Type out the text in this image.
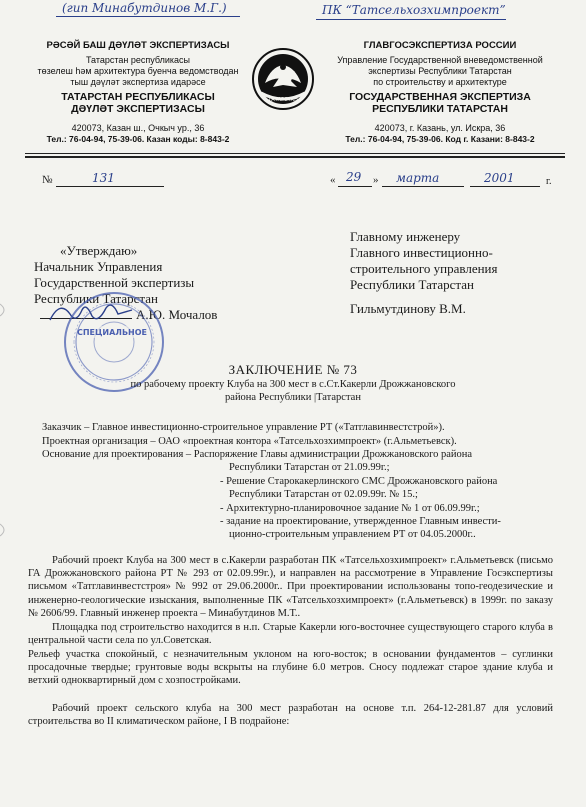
(гип Минабутдинов М.Г.)	ПК “Татсельхозхимпроект”
РӘСӘЙ БАШ ДӘҮЛӘТ ЭКСПЕРТИЗАСЫ
Татарстан республикасы
төзелеш һәм архитектура буенча ведомстводан
тыш дәүләт экспертиза идарәсе
ТАТАРСТАН РЕСПУБЛИКАСЫ
ДӘҮЛӘТ ЭКСПЕРТИЗАСЫ
420073, Казан ш., Очкыч ур., 36
Тел.: 76-04-94, 75-39-06. Казан коды: 8-843-2
ТАТАРСТАН
ГЛАВГОСЭКСПЕРТИЗА РОССИИ
Управление Государственной вневедомственной
экспертизы Республики Татарстан
по строительству и архитектуре
ГОСУДАРСТВЕННАЯ ЭКСПЕРТИЗА
РЕСПУБЛИКИ ТАТАРСТАН
420073, г. Казань, ул. Искра, 36
Тел.: 76-04-94, 75-39-06. Код г. Казани: 8-843-2
№	131	« 29 » марта	2001	г.
«Утверждаю»
Начальник Управления
Государственной экспертизы
Республики Татарстан
А.Ю. Мочалов
СПЕЦИАЛЬНОЕ
Главному инженеру
Главного инвестиционно-
строительного управления
Республики Татарстан
Гильмутдинову В.М.
ЗАКЛЮЧЕНИЕ № 73
по рабочему проекту Клуба на 300 мест в с.Ст.Какерли Дрожжановского
района Республики |Татарстан
Заказчик – Главное инвестиционно-строительное управление РТ («Татглавинвестстрой»).
Проектная организация – ОАО «проектная контора «Татсельхозхимпроект» (г.Альметьевск).
Основание для проектирования – Распоряжение Главы администрации Дрожжановского района
Республики Татарстан от 21.09.99г.;
- Решение Старокакерлинского СМС Дрожжановского района
Республики Татарстан от 02.09.99г. № 15.;
- Архитектурно-планировочное задание № 1 от 06.09.99г.;
- задание на проектирование, утвержденное Главным инвести-
ционно-строительным управлением РТ от 04.05.2000г..
Рабочий проект Клуба на 300 мест в с.Какерли разработан ПК «Татсельхозхимпроект» г.Альметьевск (письмо ГА Дрожжановского района РТ № 293 от 02.09.99г.), и направлен на рассмотрение в Управление Госэкспертизы письмом «Татглавинвестстроя» № 992 от 29.06.2000г.. При проектировании использованы топо-геодезические и инженерно-геологические изыскания, выполненные ПК «Татсельхозхимпроект» (г.Альметьевск) в 1999г. по заказу № 2606/99. Главный инженер проекта – Минабутдинов М.Т..
Площадка под строительство находится в н.п. Старые Какерли юго-восточнее существующего старого клуба в центральной части села по ул.Советская.
Рельеф участка спокойный, с незначительным уклоном на юго-восток; в основании фундаментов – суглинки просадочные твердые; грунтовые воды вскрыты на глубине 6.0 метров. Сносу подлежат старое здание клуба и ветхий одноквартирный дом с хозпостройками.
Рабочий проект сельского клуба на 300 мест разработан на основе т.п. 264-12-281.87 для условий строительства во II климатическом районе, I В подрайоне:
